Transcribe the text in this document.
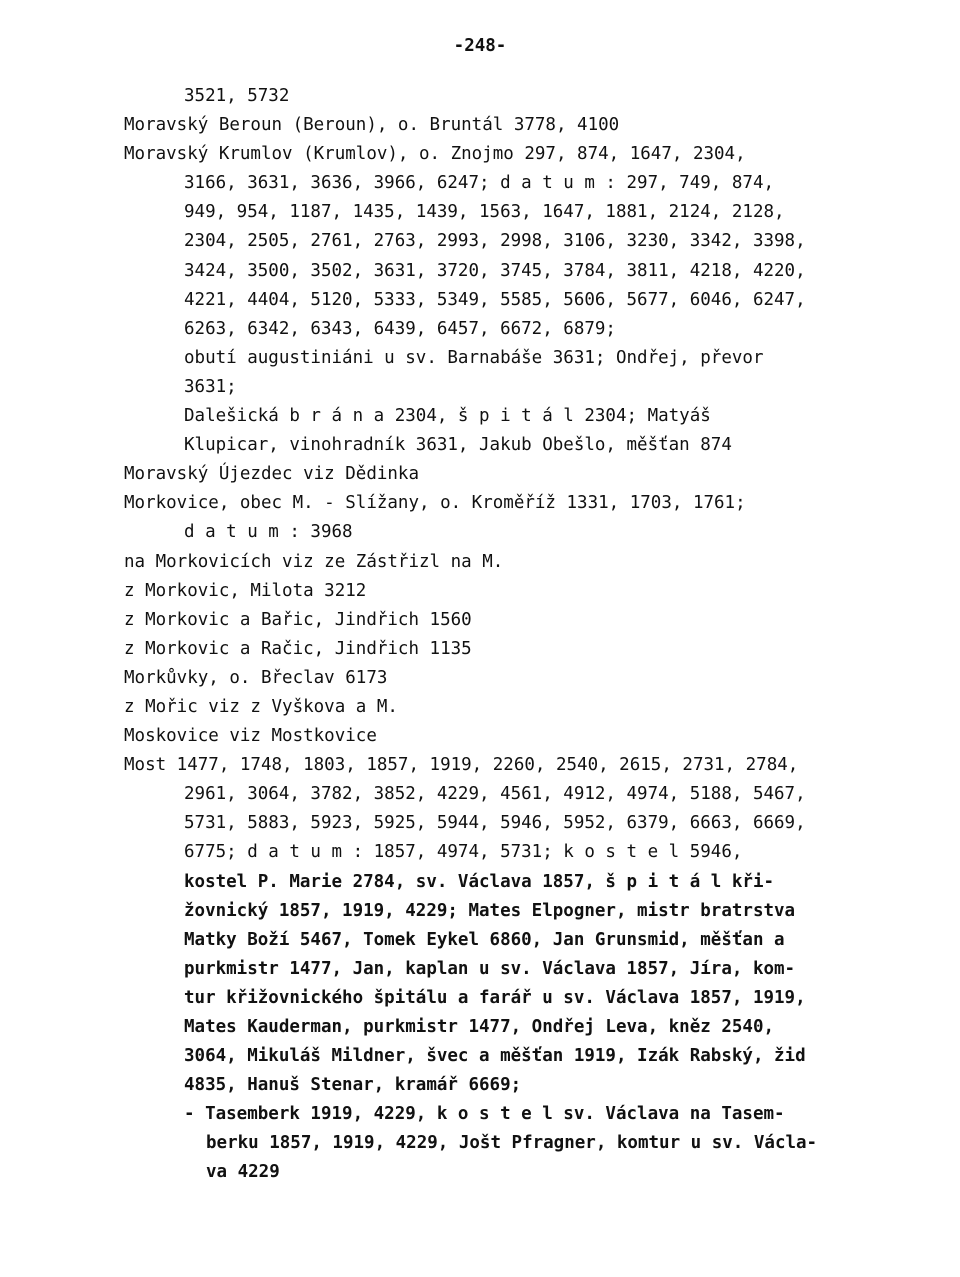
-248-
3521, 5732
Moravský Beroun (Beroun), o. Bruntál 3778, 4100
Moravský Krumlov (Krumlov), o. Znojmo 297, 874, 1647, 2304,
3166, 3631, 3636, 3966, 6247; d a t u m : 297, 749, 874,
949, 954, 1187, 1435, 1439, 1563, 1647, 1881, 2124, 2128,
2304, 2505, 2761, 2763, 2993, 2998, 3106, 3230, 3342, 3398,
3424, 3500, 3502, 3631, 3720, 3745, 3784, 3811, 4218, 4220,
4221, 4404, 5120, 5333, 5349, 5585, 5606, 5677, 6046, 6247,
6263, 6342, 6343, 6439, 6457, 6672, 6879;
obutí augustiniáni u sv. Barnabáše 3631; Ondřej, převor
3631;
Dalešická b r á n a 2304, š p i t á l 2304; Matyáš
Klupicar, vinohradník 3631, Jakub Obešlo, měšťan 874
Moravský Újezdec viz Dědinka
Morkovice, obec M. - Slížany, o. Kroměříž 1331, 1703, 1761;
d a t u m : 3968
na Morkovicích viz ze Zástřizl na M.
z Morkovic, Milota 3212
z Morkovic a Bařic, Jindřich 1560
z Morkovic a Račic, Jindřich 1135
Morkůvky, o. Břeclav 6173
z Mořic viz z Vyškova a M.
Moskovice viz Mostkovice
Most 1477, 1748, 1803, 1857, 1919, 2260, 2540, 2615, 2731, 2784,
2961, 3064, 3782, 3852, 4229, 4561, 4912, 4974, 5188, 5467,
5731, 5883, 5923, 5925, 5944, 5946, 5952, 6379, 6663, 6669,
6775; d a t u m : 1857, 4974, 5731; k o s t e l 5946,
kostel P. Marie 2784, sv. Václava 1857, š p i t á l kři-
žovnický 1857, 1919, 4229; Mates Elpogner, mistr bratrstva
Matky Boží 5467, Tomek Eykel 6860, Jan Grunsmid, měšťan a
purkmistr 1477, Jan, kaplan u sv. Václava 1857, Jíra, kom-
tur křižovnického špitálu a farář u sv. Václava 1857, 1919,
Mates Kauderman, purkmistr 1477, Ondřej Leva, kněz 2540,
3064, Mikuláš Mildner, švec a měšťan 1919, Izák Rabský, žid
4835, Hanuš Stenar, kramář 6669;
- Tasemberk 1919, 4229, k o s t e l sv. Václava na Tasem-
berku 1857, 1919, 4229, Jošt Pfragner, komtur u sv. Václa-
va 4229
